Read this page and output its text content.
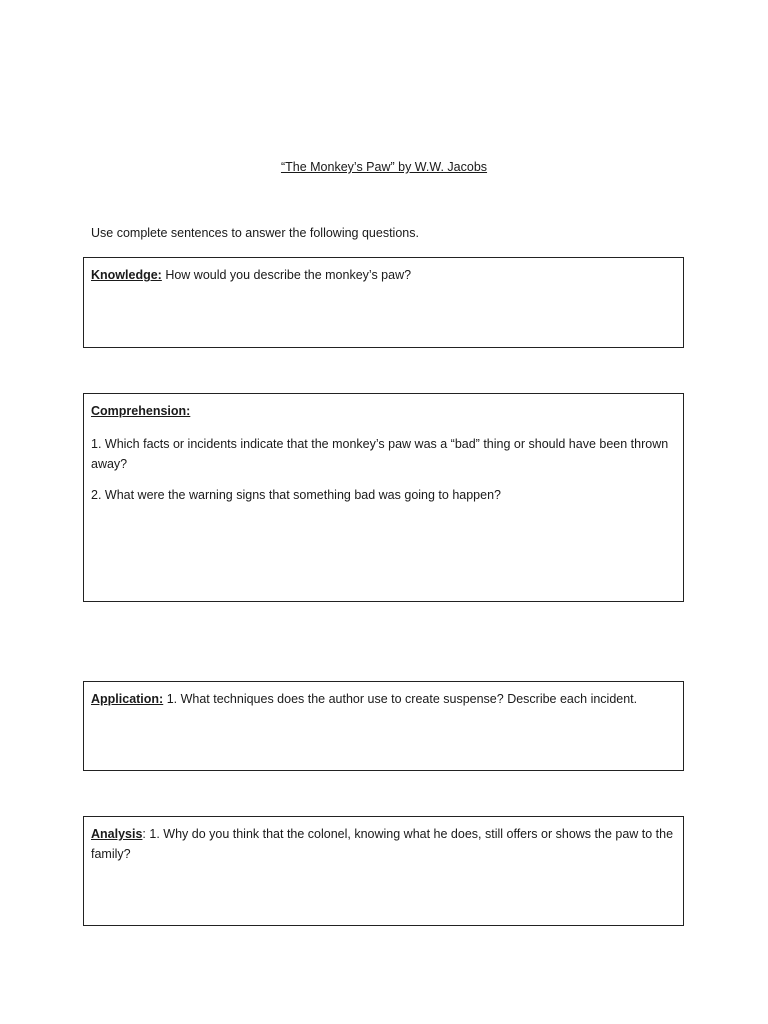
“The Monkey’s Paw” by W.W. Jacobs
Use complete sentences to answer the following questions.

Knowledge: How would you describe the monkey’s paw?

Comprehension:

1. Which facts or incidents indicate that the monkey’s paw was a “bad” thing or should have been thrown away?

2. What were the warning signs that something bad was going to happen?

Application: 1. What techniques does the author use to create suspense? Describe each incident.

Analysis: 1. Why do you think that the colonel, knowing what he does, still offers or shows the paw to the family?
